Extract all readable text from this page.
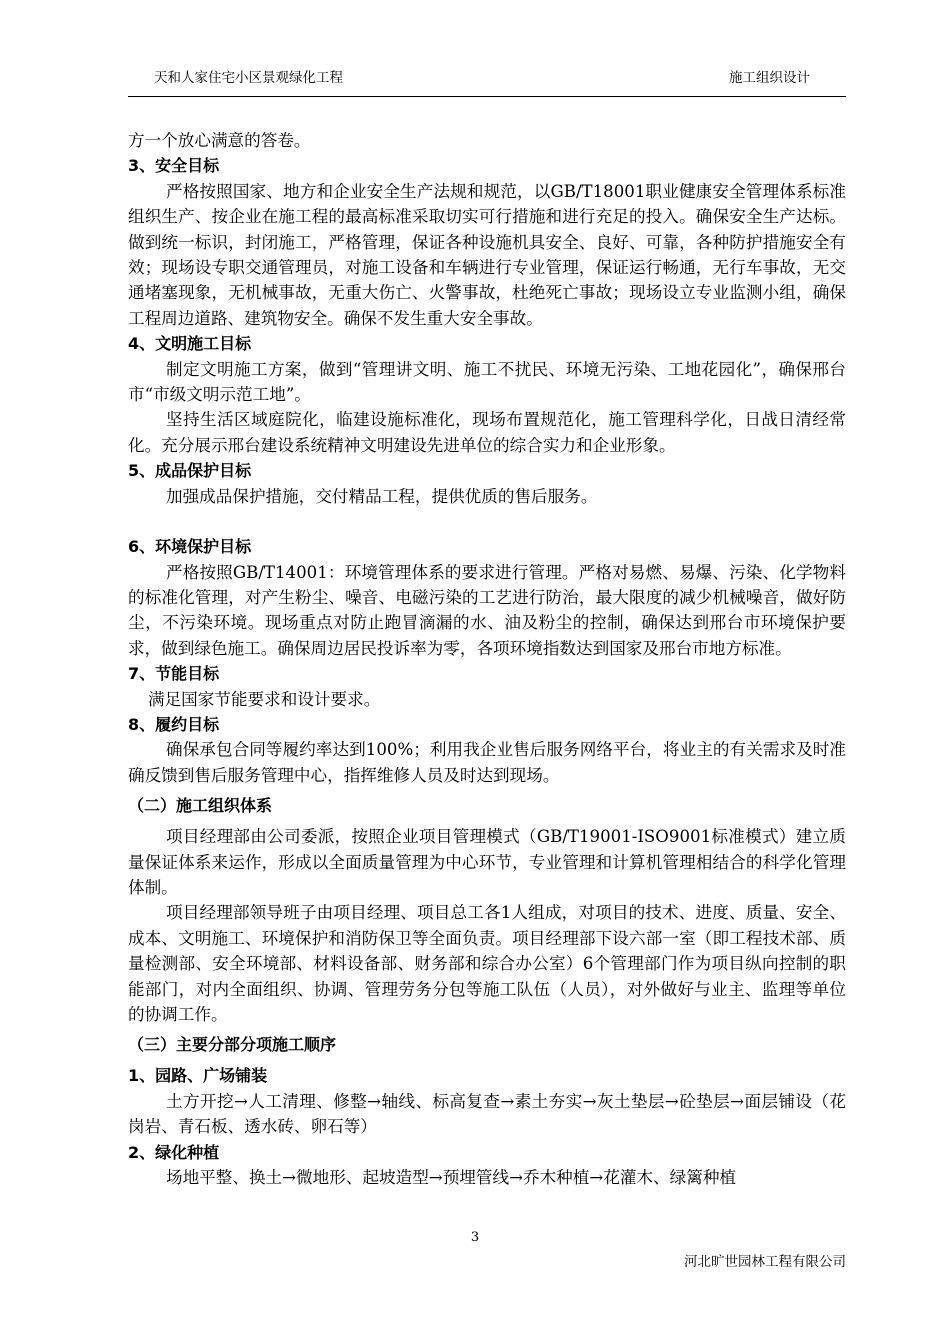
天和人家住宅小区景观绿化工程	施工组织设计

方一个放心满意的答卷。

3、安全目标

严格按照国家、地方和企业安全生产法规和规范，以GB/T18001职业健康安全管理体系标准组织生产、按企业在施工程的最高标准采取切实可行措施和进行充足的投入。确保安全生产达标。做到统一标识，封闭施工，严格管理，保证各种设施机具安全、良好、可靠，各种防护措施安全有效；现场设专职交通管理员，对施工设备和车辆进行专业管理，保证运行畅通，无行车事故，无交通堵塞现象，无机械事故，无重大伤亡、火警事故，杜绝死亡事故；现场设立专业监测小组，确保工程周边道路、建筑物安全。确保不发生重大安全事故。

4、文明施工目标

制定文明施工方案，做到“管理讲文明、施工不扰民、环境无污染、工地花园化”，确保邢台市“市级文明示范工地”。

坚持生活区域庭院化，临建设施标准化，现场布置规范化，施工管理科学化，日战日清经常化。充分展示邢台建设系统精神文明建设先进单位的综合实力和企业形象。

5、成品保护目标

加强成品保护措施，交付精品工程，提供优质的售后服务。

6、环境保护目标

严格按照GB/T14001：环境管理体系的要求进行管理。严格对易燃、易爆、污染、化学物料的标准化管理，对产生粉尘、噪音、电磁污染的工艺进行防治，最大限度的减少机械噪音，做好防尘，不污染环境。现场重点对防止跑冒滴漏的水、油及粉尘的控制，确保达到邢台市环境保护要求，做到绿色施工。确保周边居民投诉率为零，各项环境指数达到国家及邢台市地方标准。

7、节能目标

满足国家节能要求和设计要求。

8、履约目标

确保承包合同等履约率达到100%；利用我企业售后服务网络平台，将业主的有关需求及时准确反馈到售后服务管理中心，指挥维修人员及时达到现场。

（二）施工组织体系

项目经理部由公司委派，按照企业项目管理模式（GB/T19001-ISO9001标准模式）建立质量保证体系来运作，形成以全面质量管理为中心环节，专业管理和计算机管理相结合的科学化管理体制。

项目经理部领导班子由项目经理、项目总工各1人组成，对项目的技术、进度、质量、安全、成本、文明施工、环境保护和消防保卫等全面负责。项目经理部下设六部一室（即工程技术部、质量检测部、安全环境部、材料设备部、财务部和综合办公室）6个管理部门作为项目纵向控制的职能部门，对内全面组织、协调、管理劳务分包等施工队伍（人员），对外做好与业主、监理等单位的协调工作。

（三）主要分部分项施工顺序

1、园路、广场铺装

土方开挖→人工清理、修整→轴线、标高复查→素土夯实→灰土垫层→砼垫层→面层铺设（花岗岩、青石板、透水砖、卵石等）

2、绿化种植

场地平整、换土→微地形、起坡造型→预埋管线→乔木种植→花灌木、绿篱种植

3
河北旷世园林工程有限公司
